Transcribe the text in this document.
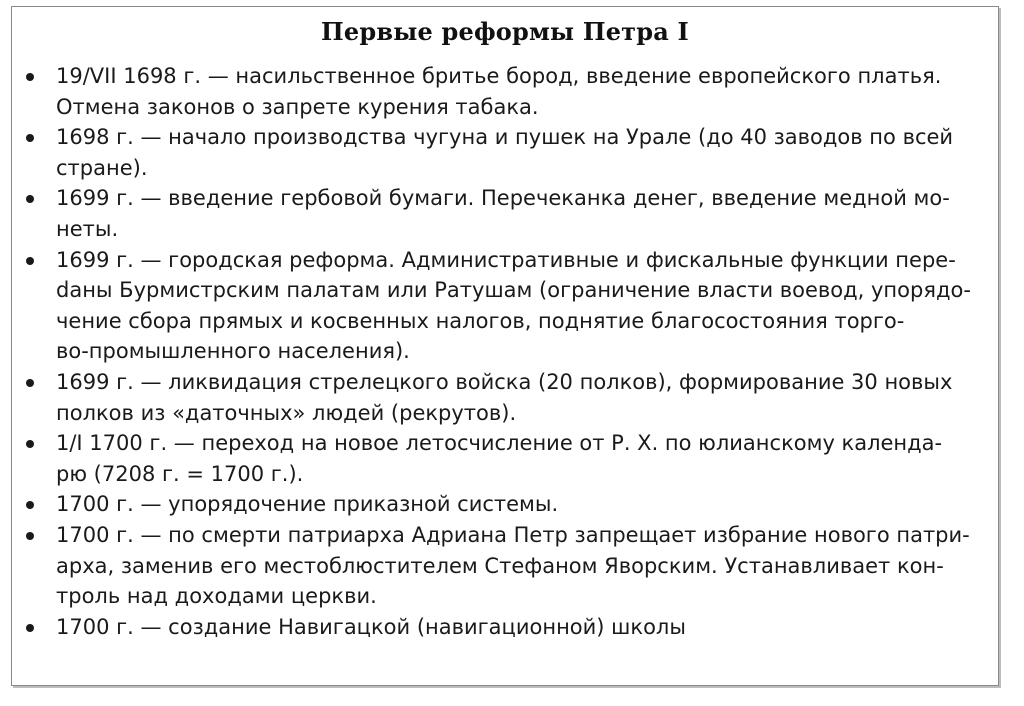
Первые реформы Петра I
19/VII 1698 г. — насильственное бритье бород, введение европейского платья.
Отмена законов о запрете курения табака.
1698 г. — начало производства чугуна и пушек на Урале (до 40 заводов по всей
стране).
1699 г. — введение гербовой бумаги. Перечеканка денег, введение медной мо-
неты.
1699 г. — городская реформа. Административные и фискальные функции пере-
dаны Бурмистрским палатам или Ратушам (ограничение власти воевод, упорядо-
чение сбора прямых и косвенных налогов, поднятие благосостояния торго-
во-промышленного населения).
1699 г. — ликвидация стрелецкого войска (20 полков), формирование 30 новых
полков из «даточных» людей (рекрутов).
1/I 1700 г. — переход на новое летосчисление от Р. Х. по юлианскому календа-
рю (7208 г. = 1700 г.).
1700 г. — упорядочение приказной системы.
1700 г. — по смерти патриарха Адриана Петр запрещает избрание нового патри-
арха, заменив его местоблюстителем Стефаном Яворским. Устанавливает кон-
троль над доходами церкви.
1700 г. — создание Навигацкой (навигационной) школы
